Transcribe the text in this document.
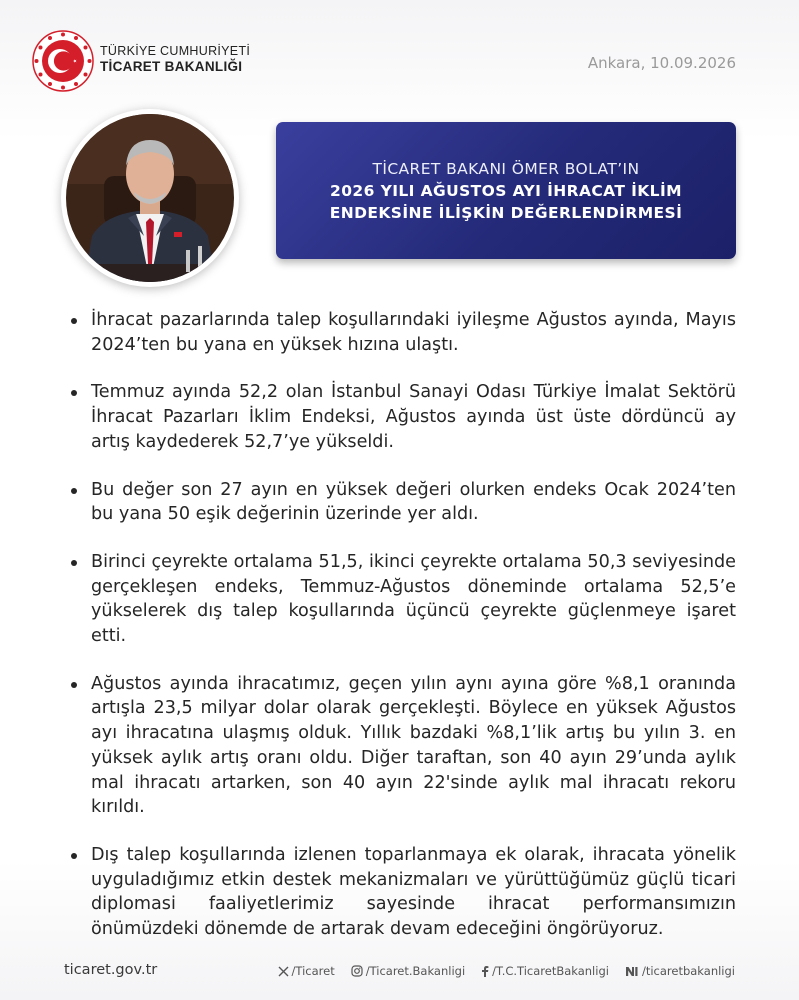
TÜRKİYE CUMHURİYETİ
TİCARET BAKANLIĞI	Ankara, 10.09.2026
TİCARET BAKANI ÖMER BOLAT’IN
2026 YILI AĞUSTOS AYI İHRACAT İKLİM
ENDEKSİNE İLİŞKİN DEĞERLENDİRMESİ
İhracat pazarlarında talep koşullarındaki iyileşme Ağustos ayında, Mayıs 2024’ten bu yana en yüksek hızına ulaştı.
Temmuz ayında 52,2 olan İstanbul Sanayi Odası Türkiye İmalat Sektörü İhracat Pazarları İklim Endeksi, Ağustos ayında üst üste dördüncü ay artış kaydederek 52,7’ye yükseldi.
Bu değer son 27 ayın en yüksek değeri olurken endeks Ocak 2024’ten bu yana 50 eşik değerinin üzerinde yer aldı.
Birinci çeyrekte ortalama 51,5, ikinci çeyrekte ortalama 50,3 seviyesinde gerçekleşen endeks, Temmuz-Ağustos döneminde ortalama 52,5’e yükselerek dış talep koşullarında üçüncü çeyrekte güçlenmeye işaret etti.
Ağustos ayında ihracatımız, geçen yılın aynı ayına göre %8,1 oranında artışla 23,5 milyar dolar olarak gerçekleşti. Böylece en yüksek Ağustos ayı ihracatına ulaşmış olduk. Yıllık bazdaki %8,1’lik artış bu yılın 3. en yüksek aylık artış oranı oldu. Diğer taraftan, son 40 ayın 29’unda aylık mal ihracatı artarken, son 40 ayın 22'sinde aylık mal ihracatı rekoru kırıldı.
Dış talep koşullarında izlenen toparlanmaya ek olarak, ihracata yönelik uyguladığımız etkin destek mekanizmaları ve yürüttüğümüz güçlü ticari diplomasi faaliyetlerimiz sayesinde ihracat performansımızın önümüzdeki dönemde de artarak devam edeceğini öngörüyoruz.
ticaret.gov.tr	/Ticaret	/Ticaret.Bakanligi /T.C.TicaretBakanligi	/ticaretbakanligi
